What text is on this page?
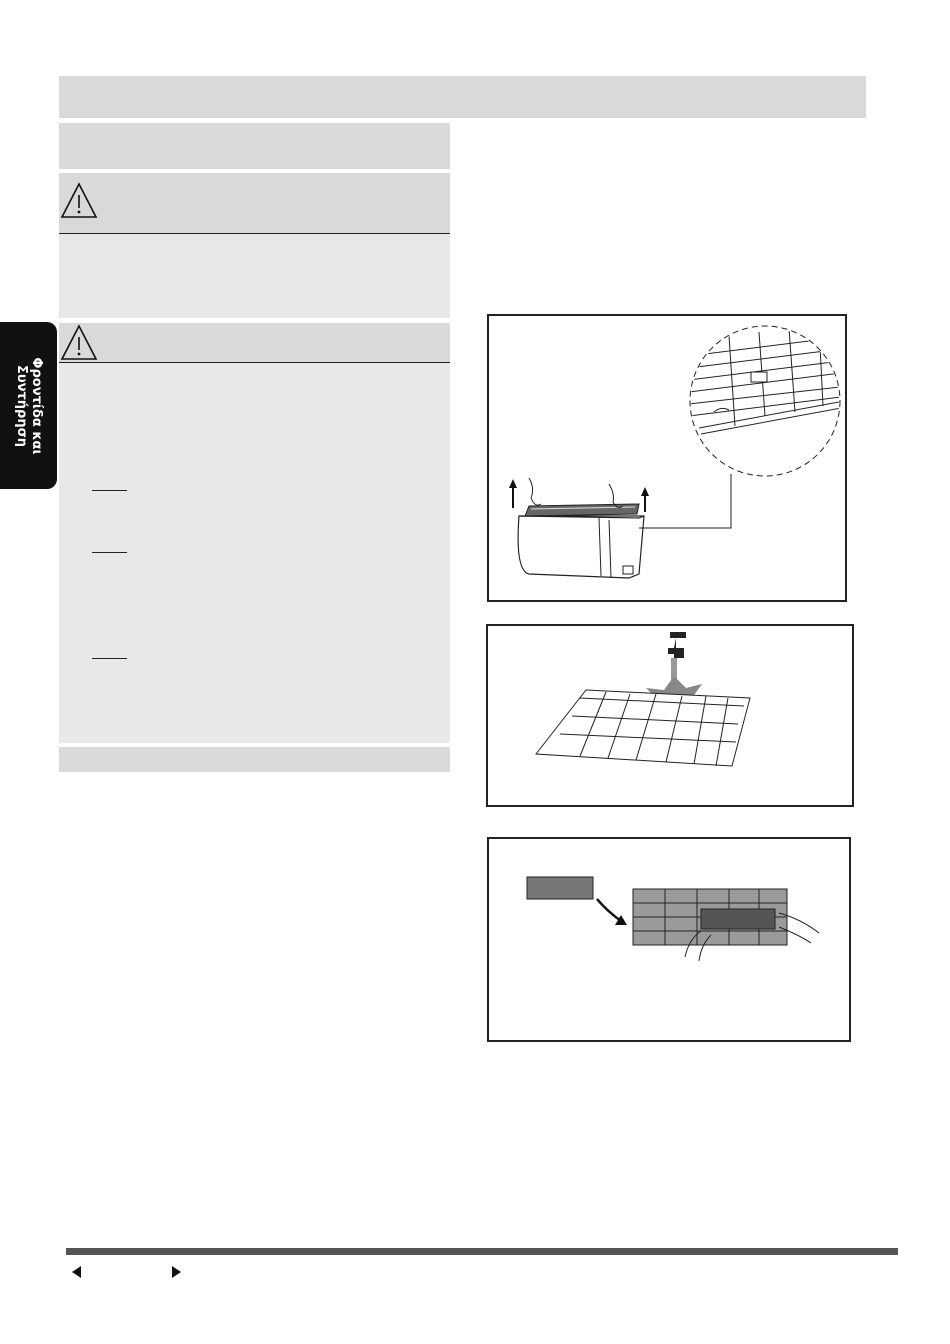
Φροντίδα και
Συντήρηση
